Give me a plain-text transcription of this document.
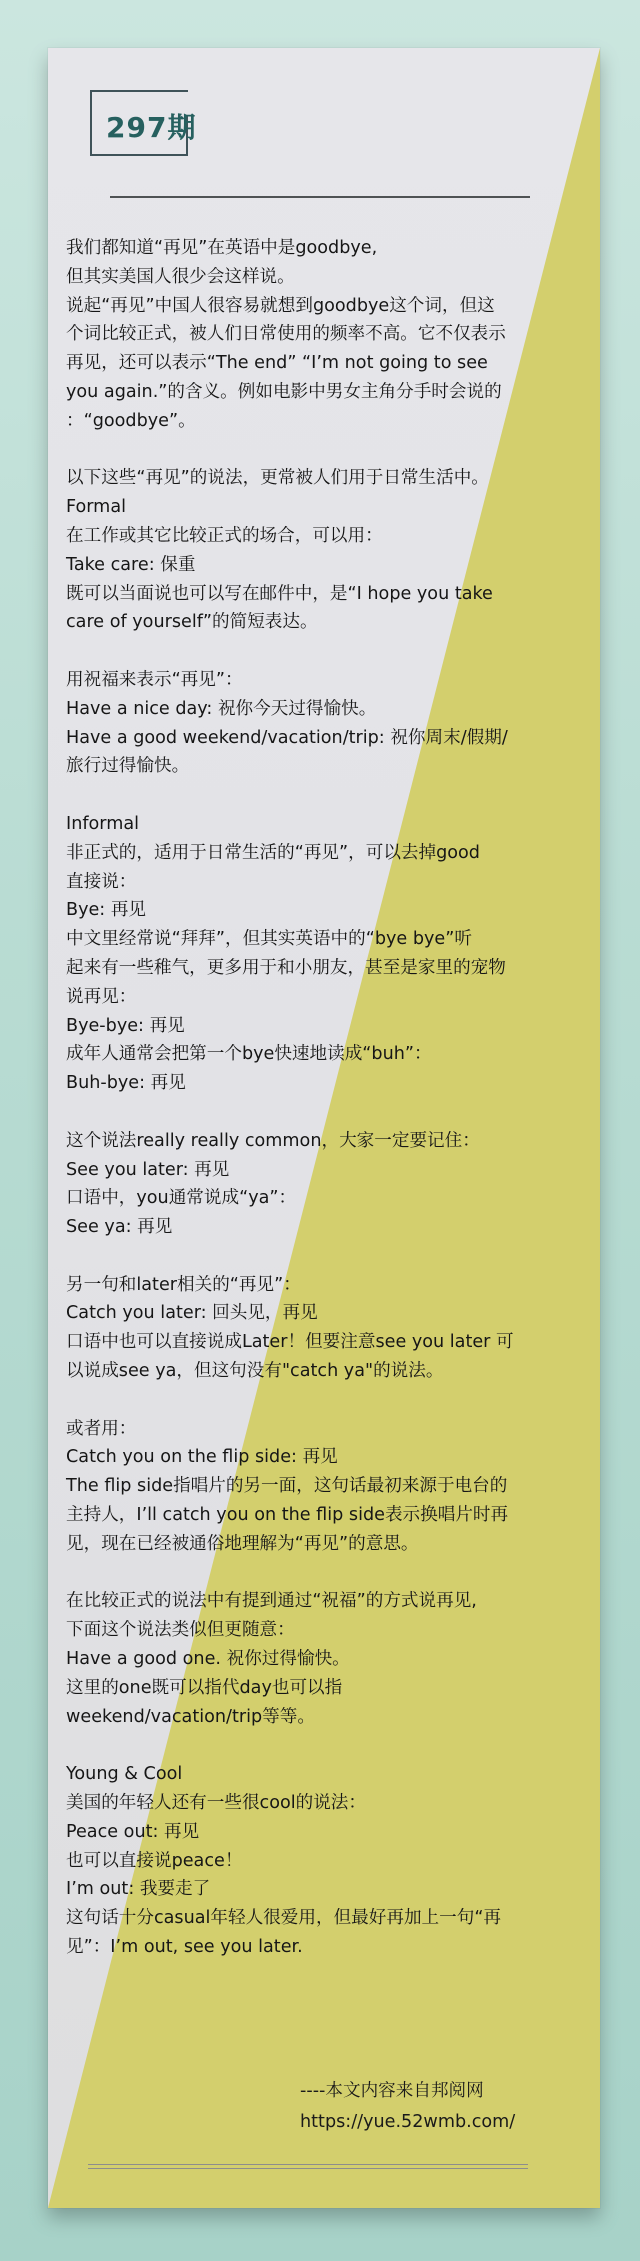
297期
我们都知道“再见”在英语中是goodbye,
但其实美国人很少会这样说。
说起“再见”中国人很容易就想到goodbye这个词，但这
个词比较正式，被人们日常使用的频率不高。它不仅表示
再见，还可以表示“The end” “I’m not going to see
you again.”的含义。例如电影中男女主角分手时会说的
：“goodbye”。
以下这些“再见”的说法，更常被人们用于日常生活中。
Formal
在工作或其它比较正式的场合，可以用：
Take care: 保重
既可以当面说也可以写在邮件中，是“I hope you take
care of yourself”的简短表达。
用祝福来表示“再见”：
Have a nice day: 祝你今天过得愉快。
Have a good weekend/vacation/trip: 祝你周末/假期/
旅行过得愉快。
Informal
非正式的，适用于日常生活的“再见”，可以去掉good
直接说：
Bye: 再见
中文里经常说“拜拜”，但其实英语中的“bye bye”听
起来有一些稚气，更多用于和小朋友，甚至是家里的宠物
说再见：
Bye-bye: 再见
成年人通常会把第一个bye快速地读成“buh”：
Buh-bye: 再见
这个说法really really common，大家一定要记住：
See you later: 再见
口语中，you通常说成“ya”：
See ya: 再见
另一句和later相关的“再见”：
Catch you later: 回头见，再见
口语中也可以直接说成Later！但要注意see you later 可
以说成see ya，但这句没有"catch ya"的说法。
或者用：
Catch you on the flip side: 再见
The flip side指唱片的另一面，这句话最初来源于电台的
主持人，I’ll catch you on the flip side表示换唱片时再
见，现在已经被通俗地理解为“再见”的意思。
在比较正式的说法中有提到通过“祝福”的方式说再见,
下面这个说法类似但更随意：
Have a good one. 祝你过得愉快。
这里的one既可以指代day也可以指
weekend/vacation/trip等等。
Young & Cool
美国的年轻人还有一些很cool的说法：
Peace out: 再见
也可以直接说peace！
I’m out: 我要走了
这句话十分casual年轻人很爱用，但最好再加上一句“再
见”：I’m out, see you later.
----本文内容来自邦阅网
https://yue.52wmb.com/
